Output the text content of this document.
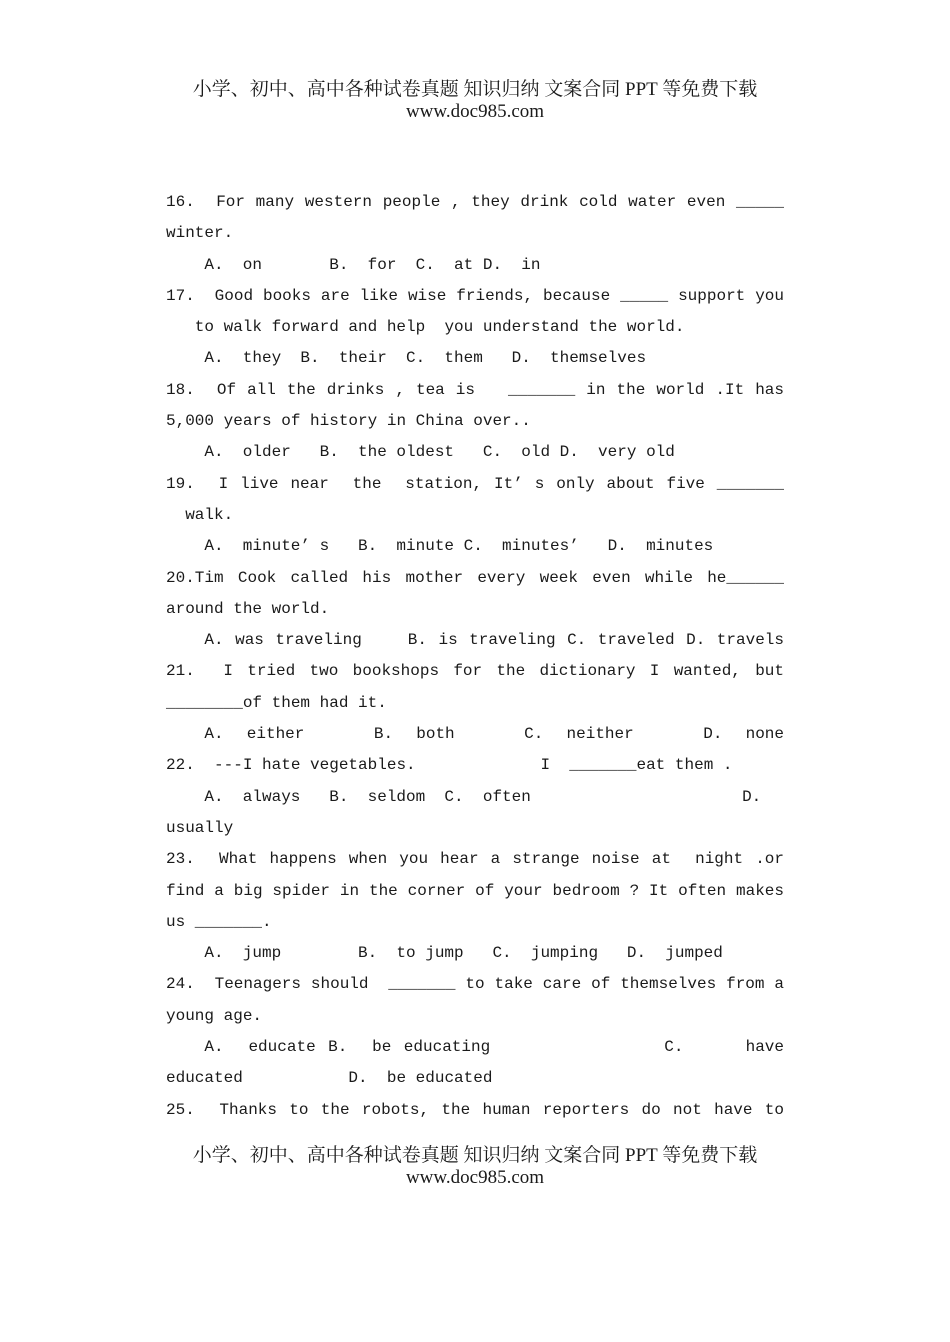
小学、初中、高中各种试卷真题 知识归纳 文案合同 PPT 等免费下载
www.doc985.com
16.  For many western people , they drink cold water even _____
winter.
A.  on       B.  for  C.  at D.  in
17.  Good books are like wise friends, because _____ support you
to walk forward and help  you understand the world.
A.  they  B.  their  C.  them   D.  themselves
18.  Of all the drinks , tea is   _______ in the world .It has
5,000 years of history in China over..
A.  older   B.  the oldest   C.  old D.  very old
19.  I live near  the  station, It’ s only about five _______
walk.
A.  minute’ s   B.  minute C.  minutes’   D.  minutes
20.Tim Cook called his mother every week even while he______
around the world.
A. was traveling    B. is traveling C. traveled D. travels
21.  I tried two bookshops for the dictionary I wanted, but
________of them had it.
A.  either      B.  both      C.  neither      D.  none
22.  ---I hate vegetables.             I  _______eat them .
A.  always   B.  seldom  C.  often                      D.
usually
23.  What happens when you hear a strange noise at  night .or
find a big spider in the corner of your bedroom ? It often makes
us _______.
A.  jump        B.  to jump   C.  jumping   D.  jumped
24.  Teenagers should  _______ to take care of themselves from a
young age.
A.  educate B.  be educating              C.     have
educated           D.  be educated
25.  Thanks to the robots, the human reporters do not have to
小学、初中、高中各种试卷真题 知识归纳 文案合同 PPT 等免费下载
www.doc985.com
